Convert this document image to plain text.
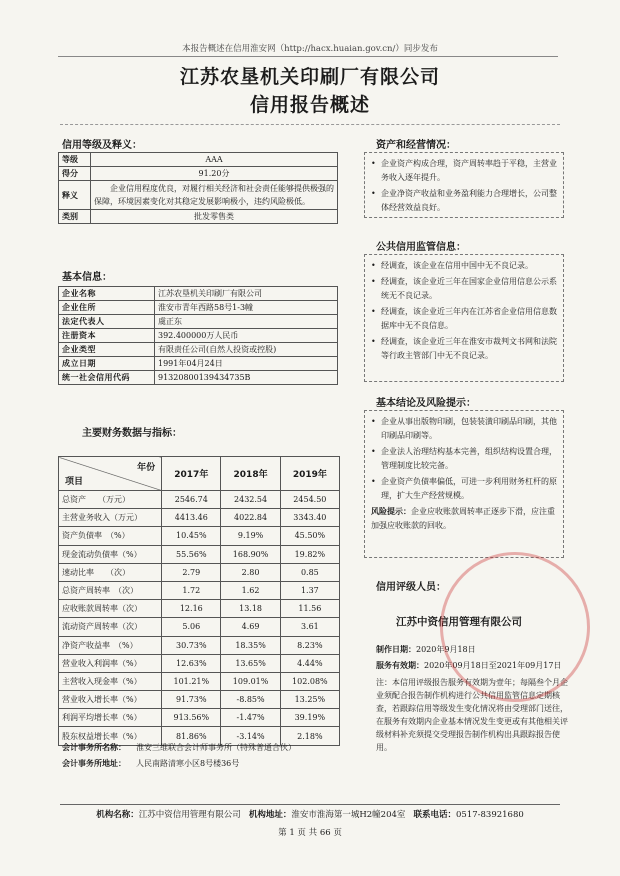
本报告概述在信用淮安网（http://hacx.huaian.gov.cn/）同步发布
江苏农垦机关印刷厂有限公司
信用报告概述
信用等级及释义：
等级	AAA
得分	91.20分
释义	企业信用程度优良，对履行相关经济和社会责任能够提供极强的保障，环境因素变化对其稳定发展影响极小，违约风险极低。
类别	批发零售类
基本信息：
企业名称	江苏农垦机关印刷厂有限公司
企业住所	淮安市青年西路58号1-3幢
法定代表人	虞正东
注册资本	392.400000万人民币
企业类型	有限责任公司(自然人投资或控股)
成立日期	1991年04月24日
统一社会信用代码	91320800139434735B
主要财务数据与指标：
年份
项目	2017年	2018年	2019年
总资产　　（万元）	2546.74	2432.54	2454.50
主营业务收入（万元）	4413.46	4022.84	3343.40
资产负债率　（%）	10.45%	9.19%	45.50%
现金流动负债率（%）	55.56%	168.90%	19.82%
速动比率　　（次）	2.79	2.80	0.85
总资产周转率　（次）	1.72	1.62	1.37
应收账款周转率（次）	12.16	13.18	11.56
流动资产周转率（次）	5.06	4.69	3.61
净资产收益率　（%）	30.73%	18.35%	8.23%
营业收入利润率（%）	12.63%	13.65%	4.44%
主营收入现金率（%）	101.21%	109.01%	102.08%
营业收入增长率（%）	91.73%	-8.85%	13.25%
利润平均增长率（%）	913.56%	-1.47%	39.19%
股东权益增长率（%）	81.86%	-3.14%	2.18%
会计事务所名称： 淮安三维联合会计师事务所（特殊普通合伙）
会计事务所地址： 人民南路清寒小区8号楼36号
资产和经营情况：
• 企业资产构成合理，资产周转率趋于平稳，主营业务收入逐年提升。
• 企业净资产收益和业务盈利能力合理增长，公司整体经营效益良好。
公共信用监管信息：
• 经调查，该企业在信用中国中无不良记录。
• 经调查，该企业近三年在国家企业信用信息公示系统无不良记录。
• 经调查，该企业近三年内在江苏省企业信用信息数据库中无不良信息。
• 经调查，该企业近三年在淮安市裁判文书网和法院等行政主管部门中无不良记录。
基本结论及风险提示：
• 企业从事出版物印刷，包装装潢印刷品印刷，其他印刷品印刷等。
• 企业法人治理结构基本完善，组织结构设置合理，管理制度比较完备。
• 企业资产负债率偏低，可进一步利用财务杠杆的原理，扩大生产经营规模。
风险提示：企业应收账款周转率正逐步下滑，应注重加强应收账款的回收。
信用评级人员：
江苏中资信用管理有限公司
制作日期：2020年9月18日
服务有效期：2020年09月18日至2021年09月17日
注：本信用评级报告服务有效期为壹年；每隔叁个月企业须配合报告制作机构进行公共信用监管信息定期核查，若跟踪信用等级发生变化情况将由受理部门送往，在服务有效期内企业基本情况发生变更或有其他相关评级材料补充须提交受理报告制作机构出具跟踪报告使用。
机构名称：江苏中资信用管理有限公司 机构地址：淮安市淮海第一城H2幢204室 联系电话：0517-83921680
第 1 页 共 66 页
